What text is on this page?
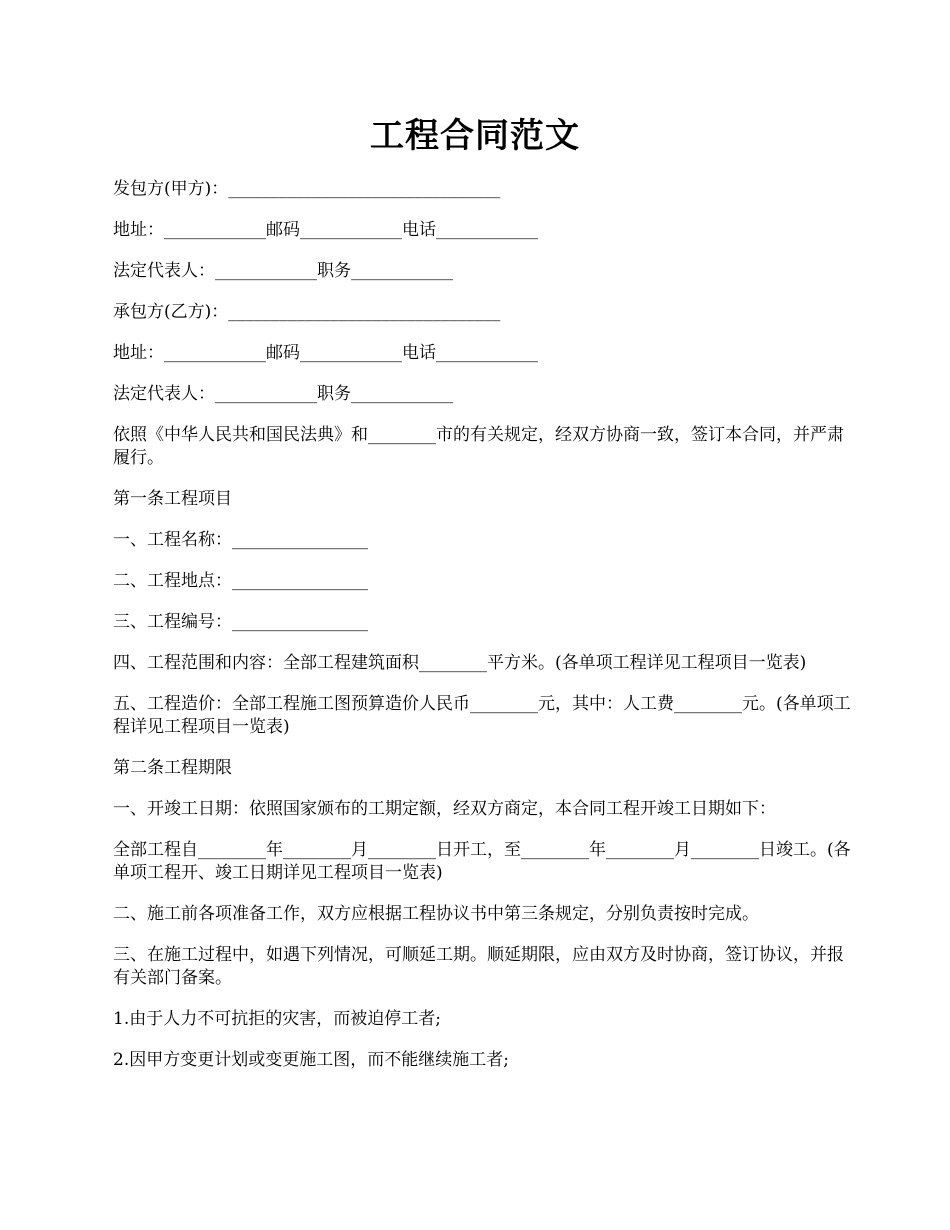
工程合同范文

发包方(甲方)：________________________________

地址：____________邮码____________电话____________

法定代表人：____________职务____________

承包方(乙方)：________________________________

地址：____________邮码____________电话____________

法定代表人：____________职务____________

依照《中华人民共和国民法典》和________市的有关规定，经双方协商一致，签订本合同，并严肃履行。

第一条工程项目

一、工程名称：________________

二、工程地点：________________

三、工程编号：________________

四、工程范围和内容：全部工程建筑面积________平方米。(各单项工程详见工程项目一览表)

五、工程造价：全部工程施工图预算造价人民币________元，其中：人工费________元。(各单项工程详见工程项目一览表)

第二条工程期限

一、开竣工日期：依照国家颁布的工期定额，经双方商定，本合同工程开竣工日期如下：

全部工程自________年________月________日开工，至________年________月________日竣工。(各单项工程开、竣工日期详见工程项目一览表)

二、施工前各项准备工作，双方应根据工程协议书中第三条规定，分别负责按时完成。

三、在施工过程中，如遇下列情况，可顺延工期。顺延期限，应由双方及时协商，签订协议，并报有关部门备案。

1.由于人力不可抗拒的灾害，而被迫停工者;

2.因甲方变更计划或变更施工图，而不能继续施工者;
